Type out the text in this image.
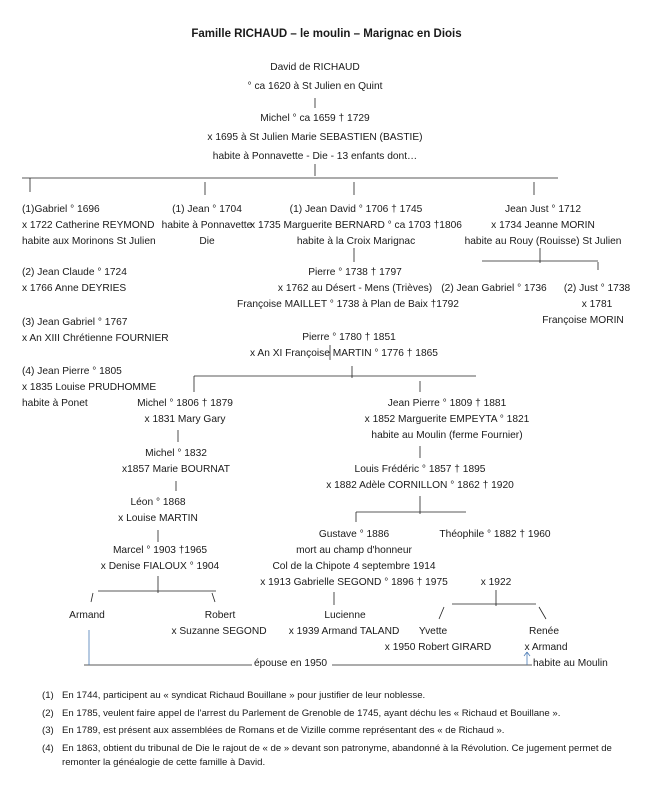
Famille RICHAUD – le moulin – Marignac en Diois
David de RICHAUD
° ca 1620 à St Julien en Quint
Michel ° ca 1659 † 1729
x 1695 à St Julien Marie SEBASTIEN (BASTIE)
habite à Ponnavette - Die - 13 enfants dont…
(1)Gabriel ° 1696
x 1722 Catherine REYMOND
habite aux Morinons St Julien
(1) Jean ° 1704
habite à Ponnavette
Die
(1) Jean David ° 1706 † 1745
x 1735 Marguerite BERNARD ° ca 1703 †1806
habite à la Croix Marignac
Jean Just ° 1712
x 1734 Jeanne MORIN
habite au Rouy (Rouisse) St Julien
(2) Jean Claude ° 1724
x 1766 Anne DEYRIES
(3) Jean Gabriel ° 1767
x An XIII Chrétienne FOURNIER
(4) Jean Pierre ° 1805
x 1835 Louise PRUDHOMME
habite à Ponet
Pierre ° 1738 † 1797
x 1762 au Désert - Mens (Trièves)
Françoise MAILLET ° 1738 à Plan de Baix †1792
(2) Jean Gabriel ° 1736 (2) Just ° 1738
x 1781
Françoise MORIN
Pierre ° 1780 † 1851
x An XI Françoise MARTIN ° 1776 † 1865
Michel ° 1806 † 1879
x 1831 Mary Gary
Jean Pierre ° 1809 † 1881
x 1852 Marguerite EMPEYTA ° 1821
habite au Moulin (ferme Fournier)
Michel ° 1832
x1857 Marie BOURNAT	Louis Frédéric ° 1857 † 1895
x 1882 Adèle CORNILLON ° 1862 † 1920
Léon ° 1868
x Louise MARTIN
Gustave ° 1886
mort au champ d'honneur
Col de la Chipote 4 septembre 1914
x 1913 Gabrielle SEGOND ° 1896 † 1975
Théophile ° 1882 † 1960
Marcel ° 1903 †1965
x Denise FIALOUX ° 1904
x 1922
Armand	Robert
x Suzanne SEGOND
Lucienne
x 1939 Armand TALAND Yvette
x 1950 Robert GIRARD
Renée
x Armand
épouse en 1950	habite au Moulin
(1) En 1744, participent au « syndicat Richaud Bouillane » pour justifier de leur noblesse.
(2) En 1785, veulent faire appel de l'arrest du Parlement de Grenoble de 1745, ayant déchu les « Richaud et Bouillane ».
(3) En 1789, est présent aux assemblées de Romans et de Vizille comme représentant des « de Richaud ».
(4) En 1863, obtient du tribunal de Die le rajout de « de » devant son patronyme, abandonné à la Révolution. Ce jugement permet de remonter la généalogie de cette famille à David.
